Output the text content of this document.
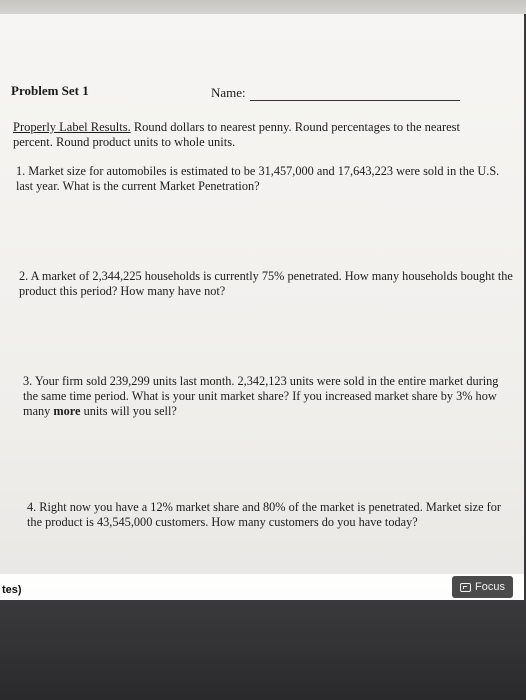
Problem Set 1	Name:
Properly Label Results. Round dollars to nearest penny. Round percentages to the nearest percent. Round product units to whole units.
1. Market size for automobiles is estimated to be 31,457,000 and 17,643,223 were sold in the U.S. last year. What is the current Market Penetration?
2. A market of 2,344,225 households is currently 75% penetrated. How many households bought the product this period? How many have not?
3. Your firm sold 239,299 units last month. 2,342,123 units were sold in the entire market during the same time period. What is your unit market share? If you increased market share by 3% how many more units will you sell?
4. Right now you have a 12% market share and 80% of the market is penetrated. Market size for the product is 43,545,000 customers. How many customers do you have today?
tes)	Focus
